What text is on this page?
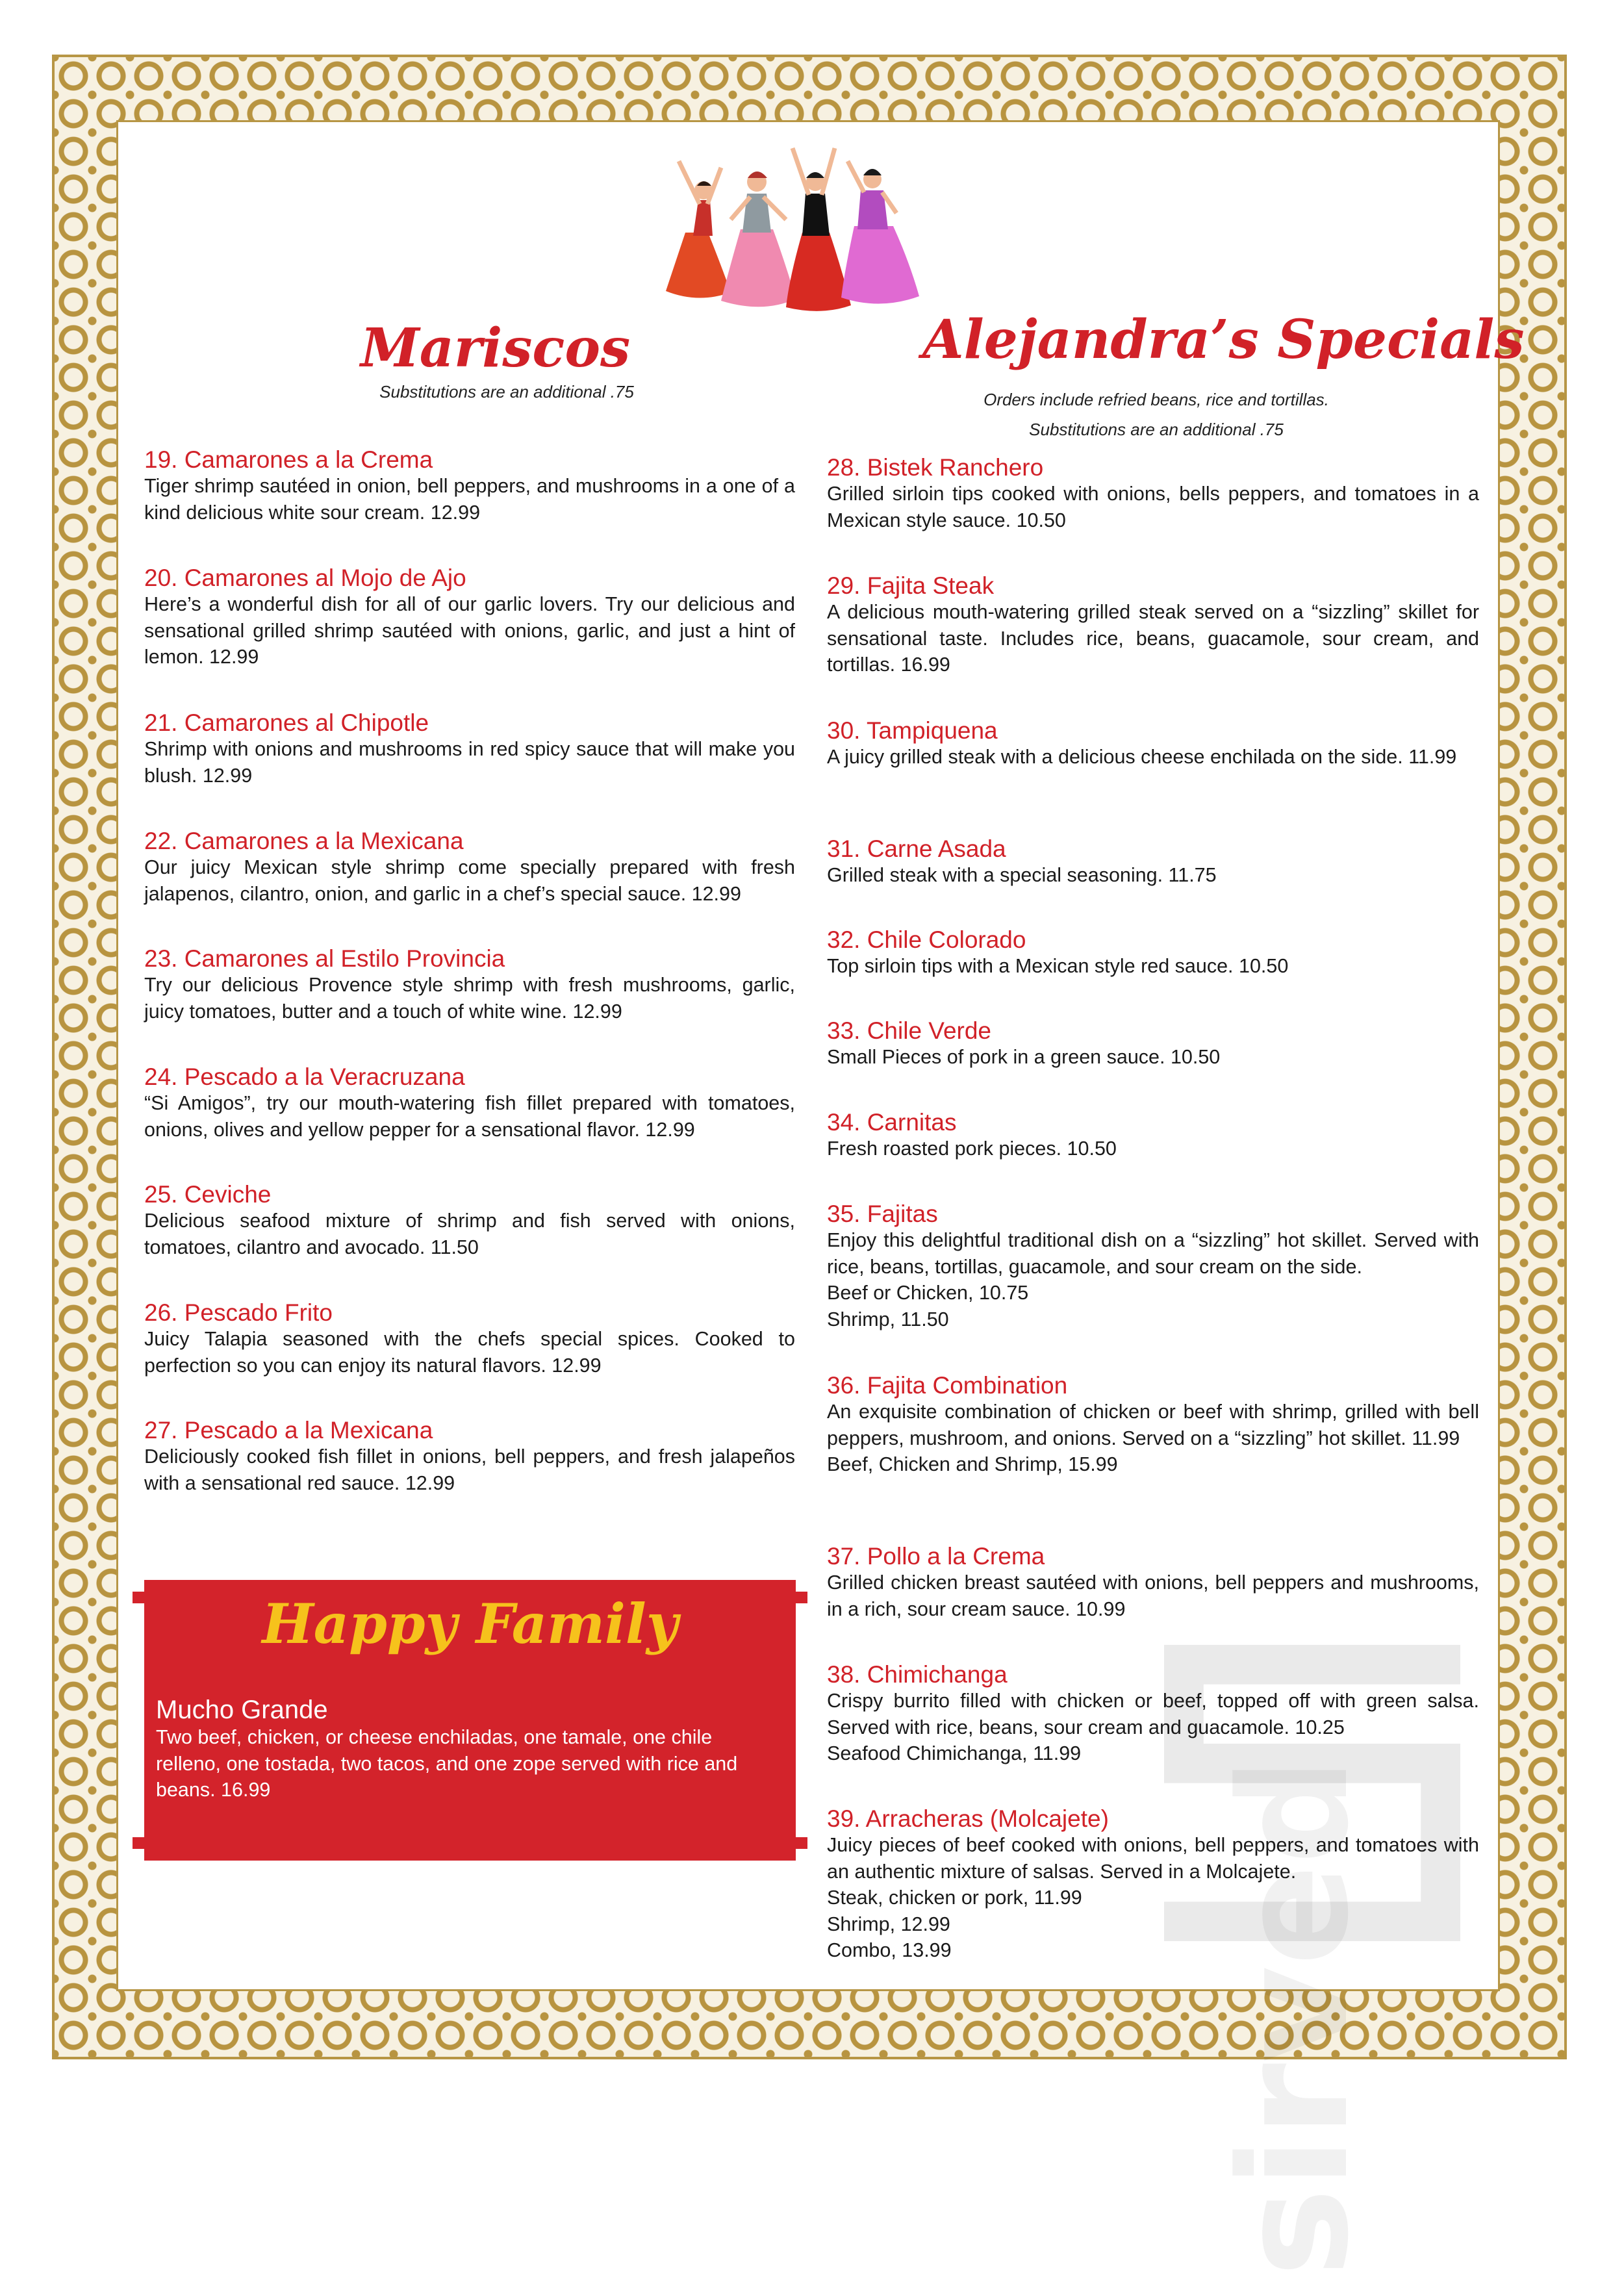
Mariscos
Substitutions are an additional .75
Alejandra’s Specials
Orders include refried beans, rice and tortillas.
Substitutions are an additional .75
19. Camarones a la Crema

Tiger shrimp sautéed in onion, bell peppers, and mushrooms in a one of a kind delicious white sour cream. 12.99

20. Camarones al Mojo de Ajo

Here’s a wonderful dish for all of our garlic lovers. Try our delicious and sensational grilled shrimp sautéed with onions, garlic, and just a hint of lemon. 12.99

21. Camarones al Chipotle

Shrimp with onions and mushrooms in red spicy sauce that will make you blush. 12.99

22. Camarones a la Mexicana

Our juicy Mexican style shrimp come specially prepared with fresh jalapenos, cilantro, onion, and garlic in a chef’s special sauce. 12.99

23. Camarones al Estilo Provincia

Try our delicious Provence style shrimp with fresh mushrooms, garlic, juicy tomatoes, butter and a touch of white wine. 12.99

24. Pescado a la Veracruzana

“Si Amigos”, try our mouth-watering fish fillet prepared with tomatoes, onions, olives and yellow pepper for a sensational flavor. 12.99

25. Ceviche

Delicious seafood mixture of shrimp and fish served with onions, tomatoes, cilantro and avocado. 11.50

26. Pescado Frito

Juicy Talapia seasoned with the chefs special spices. Cooked to perfection so you can enjoy its natural flavors. 12.99

27. Pescado a la Mexicana

Deliciously cooked fish fillet in onions, bell peppers, and fresh jalapeños with a sensational red sauce. 12.99

28. Bistek Ranchero

Grilled sirloin tips cooked with onions, bells peppers, and tomatoes in a Mexican style sauce. 10.50

29. Fajita Steak

A delicious mouth-watering grilled steak served on a “sizzling” skillet for sensational taste. Includes rice, beans, guacamole, sour cream, and tortillas. 16.99

30. Tampiquena

A juicy grilled steak with a delicious cheese enchilada on the side. 11.99

31. Carne Asada

Grilled steak with a special seasoning. 11.75

32. Chile Colorado

Top sirloin tips with a Mexican style red sauce. 10.50

33. Chile Verde

Small Pieces of pork in a green sauce. 10.50

34. Carnitas

Fresh roasted pork pieces. 10.50

35. Fajitas

Enjoy this delightful traditional dish on a “sizzling” hot skillet. Served with rice, beans, tortillas, guacamole, and sour cream on the side.

Beef or Chicken, 10.75

Shrimp, 11.50

36. Fajita Combination

An exquisite combination of chicken or beef with shrimp, grilled with bell peppers, mushroom, and onions. Served on a “sizzling” hot skillet. 11.99

Beef, Chicken and Shrimp, 15.99

37. Pollo a la Crema

Grilled chicken breast sautéed with onions, bell peppers and mushrooms, in a rich, sour cream sauce. 10.99

38. Chimichanga

Crispy burrito filled with chicken or beef, topped off with green salsa. Served with rice, beans, sour cream and guacamole. 10.25

Seafood Chimichanga, 11.99

39. Arracheras (Molcajete)

Juicy pieces of beef cooked with onions, bell peppers, and tomatoes with an authentic mixture of salsas. Served in a Molcajete.

Steak, chicken or pork, 11.99

Shrimp, 12.99

Combo, 13.99

Happy Family
Mucho Grande

Two beef, chicken, or cheese enchiladas, one tamale, one chile relleno, one tostada, two tacos, and one zope served with rice and beans. 16.99	sirved
